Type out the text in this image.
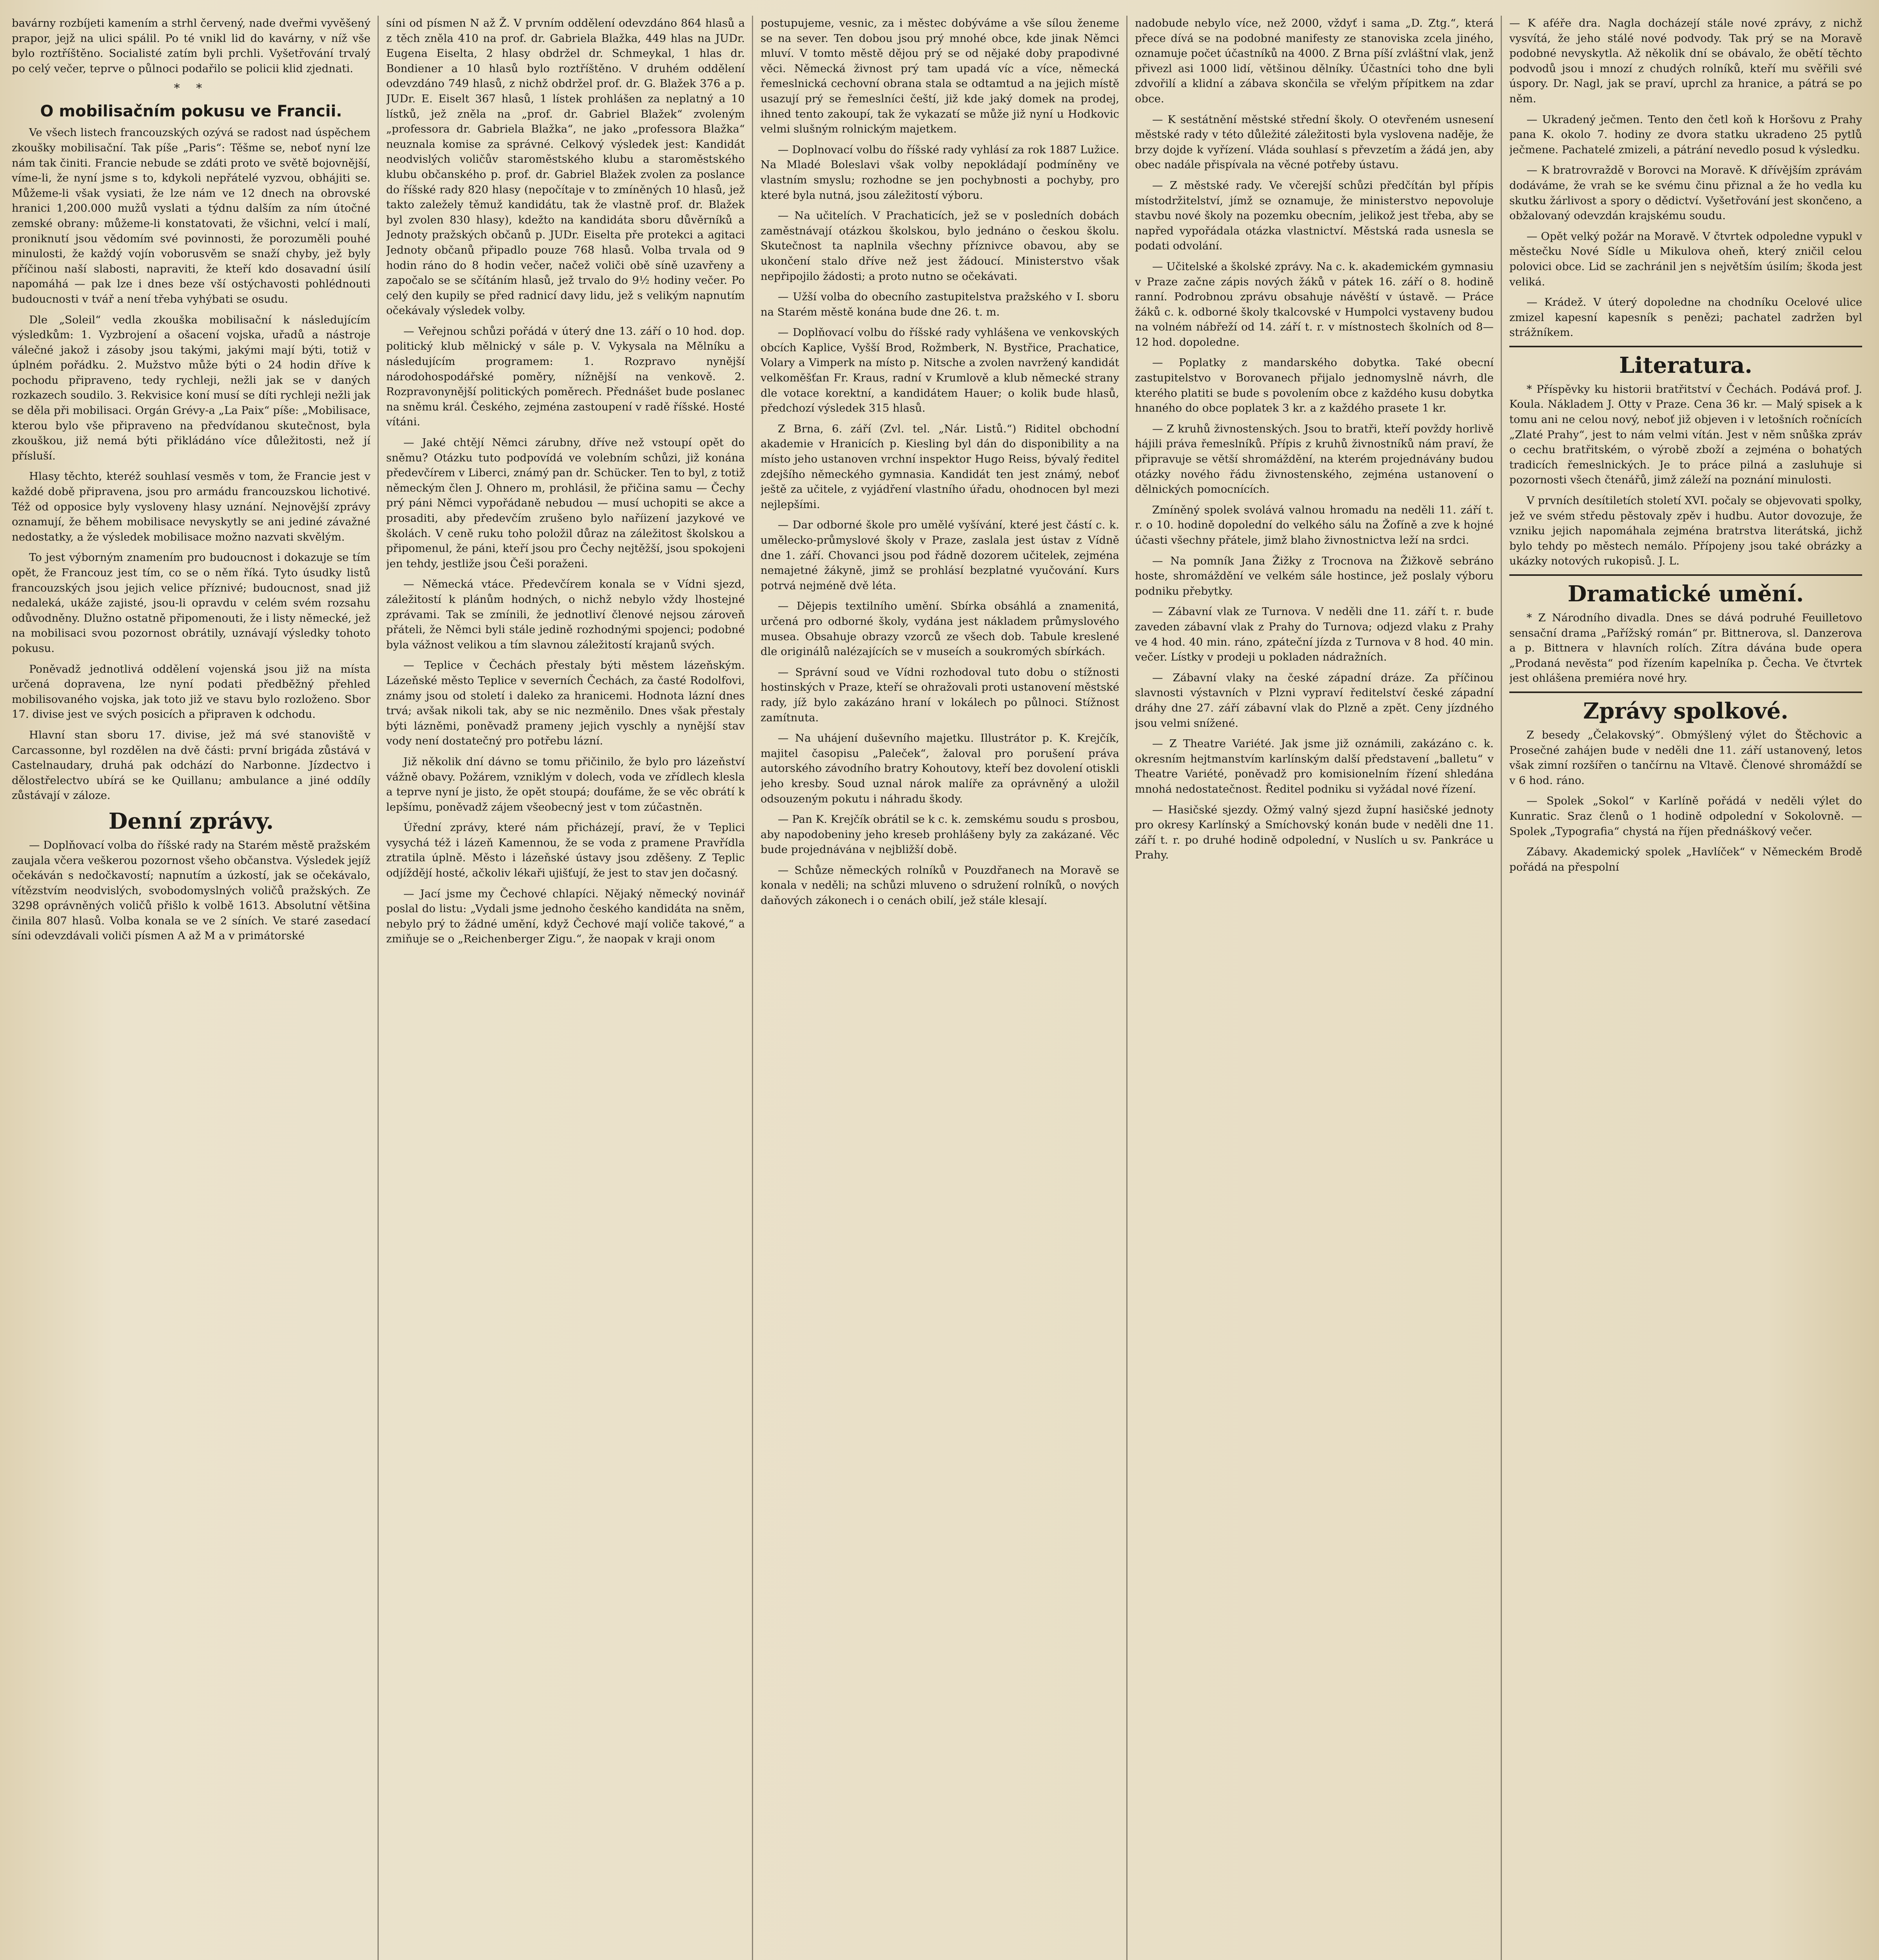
bavárny rozbíjeti kamením a strhl červený, nade dveřmi vyvěšený prapor, jejž na ulici spálil. Po té vnikl lid do kavárny, v níž vše bylo roztříštěno. Socialisté zatím byli prchli. Vyšetřování trvalý po celý večer, teprve o půlnoci podařilo se policii klid zjednati.

* *
O mobilisačním pokusu ve Francii.

Ve všech listech francouzských ozývá se radost nad úspěchem zkoušky mobilisační. Tak píše „Paris“: Těšme se, neboť nyní lze nám tak činiti. Francie nebude se zdáti proto ve světě bojovnější, víme-li, že nyní jsme s to, kdykoli nepřátelé vyzvou, obhájiti se. Můžeme-li však vysiati, že lze nám ve 12 dnech na obrovské hranici 1,200.000 mužů vyslati a týdnu dalším za ním útočné zemské obrany: můžeme-li konstatovati, že všichni, velcí i malí, proniknutí jsou vědomím své povinnosti, že porozuměli pouhé minulosti, že každý vojín voborusvěm se snaží chyby, jež byly příčinou naší slabosti, napraviti, že kteří kdo dosavadní úsilí napomáhá — pak lze i dnes beze vší ostýchavosti pohlédnouti budoucnosti v tvář a není třeba vyhýbati se osudu.

Dle „Soleil“ vedla zkouška mobilisační k následujícím výsledkům: 1. Vyzbrojení a ošacení vojska, uřadů a nástroje válečné jakož i zásoby jsou takými, jakými mají býti, totiž v úplném pořádku. 2. Mužstvo může býti o 24 hodin dříve k pochodu připraveno, tedy rychleji, nežli jak se v daných rozkazech soudilo. 3. Rekvisice koní musí se díti rychleji nežli jak se děla při mobilisaci. Orgán Grévy-a „La Paix“ píše: „Mobilisace, kterou bylo vše připraveno na předvídanou skutečnost, byla zkouškou, již nemá býti přikládáno více důležitosti, než jí přísluší.

Hlasy těchto, kteréž souhlasí vesměs v tom, že Francie jest v každé době připravena, jsou pro armádu francouzskou lichotivé. Též od opposice byly vysloveny hlasy uznání. Nejnovější zprávy oznamují, že během mobilisace nevyskytly se ani jediné závažné nedostatky, a že výsledek mobilisace možno nazvati skvělým.

To jest výborným znamením pro budoucnost i dokazuje se tím opět, že Francouz jest tím, co se o něm říká. Tyto úsudky listů francouzských jsou jejich velice příznivé; budoucnost, snad již nedaleká, ukáže zajisté, jsou-li opravdu v celém svém rozsahu odůvodněny. Dlužno ostatně připomenouti, že i listy německé, jež na mobilisaci svou pozornost obrátily, uznávají výsledky tohoto pokusu.

Poněvadž jednotlivá oddělení vojenská jsou již na místa určená dopravena, lze nyní podati předběžný přehled mobilisovaného vojska, jak toto již ve stavu bylo rozloženo. Sbor 17. divise jest ve svých posicích a připraven k odchodu.

Hlavní stan sboru 17. divise, jež má své stanoviště v Carcassonne, byl rozdělen na dvě části: první brigáda zůstává v Castelnaudary, druhá pak odchází do Narbonne. Jízdectvo i dělostřelectvo ubírá se ke Quillanu; ambulance a jiné oddíly zůstávají v záloze.

Denní zprávy.

— Doplňovací volba do říšské rady na Starém městě pražském zaujala včera veškerou pozornost všeho občanstva. Výsledek jejíž očekáván s nedočkavostí; napnutím a úzkostí, jak se očekávalo, vítězstvím neodvislých, svobodomyslných voličů pražských. Ze 3298 oprávněných voličů přišlo k volbě 1613. Absolutní většina činila 807 hlasů. Volba konala se ve 2 síních. Ve staré zasedací síni odevzdávali voliči písmen A až M a v primátorské

síni od písmen N až Ž. V prvním oddělení odevzdáno 864 hlasů a z těch zněla 410 na prof. dr. Gabriela Blažka, 449 hlas na JUDr. Eugena Eiselta, 2 hlasy obdržel dr. Schmeykal, 1 hlas dr. Bondiener a 10 hlasů bylo roztříštěno. V druhém oddělení odevzdáno 749 hlasů, z nichž obdržel prof. dr. G. Blažek 376 a p. JUDr. E. Eiselt 367 hlasů, 1 lístek prohlášen za neplatný a 10 lístků, jež zněla na „prof. dr. Gabriel Blažek“ zvoleným „professora dr. Gabriela Blažka“, ne jako „professora Blažka“ neuznala komise za správné. Celkový výsledek jest: Kandidát neodvislých voličův staroměstského klubu a staroměstského klubu občanského p. prof. dr. Gabriel Blažek zvolen za poslance do říšské rady 820 hlasy (nepočítaje v to zmíněných 10 hlasů, jež takto zaležely těmuž kandidátu, tak že vlastně prof. dr. Blažek byl zvolen 830 hlasy), kdežto na kandidáta sboru důvěrníků a Jednoty pražských občanů p. JUDr. Eiselta pře protekci a agitaci Jednoty občanů připadlo pouze 768 hlasů. Volba trvala od 9 hodin ráno do 8 hodin večer, načež voliči obě síně uzavřeny a započalo se se sčítáním hlasů, jež trvalo do 9½ hodiny večer. Po celý den kupily se před radnicí davy lidu, jež s velikým napnutím očekávaly výsledek volby.

— Veřejnou schůzi pořádá v úterý dne 13. září o 10 hod. dop. politický klub mělnický v sále p. V. Vykysala na Mělníku a následujícím programem: 1. Rozpravo nynější národohospodářské poměry, nížnější na venkově. 2. Rozpravonynější politických poměrech. Přednášet bude poslanec na sněmu král. Českého, zejména zastoupení v radě říšské. Hosté vítáni.

— Jaké chtějí Němci zárubny, dříve než vstoupí opět do sněmu? Otázku tuto podpovídá ve volebním schůzi, již konána předevčírem v Liberci, známý pan dr. Schücker. Ten to byl, z totiž německým člen J. Ohnero m, prohlásil, že přičina samu — Čechy prý páni Němci vypořádaně nebudou — musí uchopiti se akce a prosaditi, aby předevčím zrušeno bylo naříizení jazykové ve školách. V ceně ruku toho položil důraz na záležitost školskou a připomenul, že páni, kteří jsou pro Čechy nejtěžší, jsou spokojeni jen tehdy, jestliže jsou Češi poraženi.

— Německá vtáce. Předevčírem konala se v Vídni sjezd, záležitostí k plánům hodných, o nichž nebylo vždy lhostejné zprávami. Tak se zmínili, že jednotliví členové nejsou zároveň přáteli, že Němci byli stále jedině rozhodnými spojenci; podobné byla vážnost velikou a tím slavnou záležitostí krajanů svých.

— Teplice v Čechách přestaly býti městem lázeňským. Lázeňské město Teplice v severních Čechách, za časté Rodolfovi, známy jsou od století i daleko za hranicemi. Hodnota lázní dnes trvá; avšak nikoli tak, aby se nic nezměnilo. Dnes však přestaly býti lázněmi, poněvadž prameny jejich vyschly a nynější stav vody není dostatečný pro potřebu lázní.

Již několik dní dávno se tomu přičinilo, že bylo pro lázeňství vážně obavy. Požárem, vzniklým v dolech, voda ve zřídlech klesla a teprve nyní je jisto, že opět stoupá; doufáme, že se věc obrátí k lepšímu, poněvadž zájem všeobecný jest v tom zúčastněn.

Úřední zprávy, které nám přicházejí, praví, že v Teplici vysychá též i lázeň Kamennou, že se voda z pramene Pravřídla ztratila úplně. Město i lázeňské ústavy jsou zděšeny. Z Teplic odjíždějí hosté, ačkoliv lékaři ujišťují, že jest to stav jen dočasný.

— Jací jsme my Čechové chlapíci. Nějaký německý novinář poslal do listu: „Vydali jsme jednoho českého kandidáta na sněm, nebylo prý to žádné umění, když Čechové mají voliče takové,“ a zmiňuje se o „Reichenberger Zigu.“, že naopak v kraji onom

postupujeme, vesnic, za i městec dobýváme a vše sílou ženeme se na sever. Ten dobou jsou prý mnohé obce, kde jinak Němci mluví. V tomto městě dějou prý se od nějaké doby prapodivné věci. Německá živnost prý tam upadá víc a více, německá řemeslnická cechovní obrana stala se odtamtud a na jejich místě usazují prý se řemeslníci čeští, již kde jaký domek na prodej, ihned tento zakoupí, tak že vykazatí se může již nyní u Hodkovic velmi slušným rolnickým majetkem.

— Doplnovací volbu do říšské rady vyhlásí za rok 1887 Lužice. Na Mladé Boleslavi však volby nepokládají podmíněny ve vlastním smyslu; rozhodne se jen pochybnosti a pochyby, pro které byla nutná, jsou záležitostí výboru.

— Na učitelích. V Prachaticích, jež se v posledních dobách zaměstnávají otázkou školskou, bylo jednáno o českou školu. Skutečnost ta naplnila všechny příznivce obavou, aby se ukončení stalo dříve než jest žádoucí. Ministerstvo však nepřipojilo žádosti; a proto nutno se očekávati.

— Užší volba do obecního zastupitelstva pražského v I. sboru na Starém městě konána bude dne 26. t. m.

— Doplňovací volbu do říšské rady vyhlášena ve venkovských obcích Kaplice, Vyšší Brod, Rožmberk, N. Bystřice, Prachatice, Volary a Vimperk na místo p. Nitsche a zvolen navržený kandidát velkoměšťan Fr. Kraus, radní v Krumlově a klub německé strany dle votace korektní, a kandidátem Hauer; o kolik bude hlasů, předchozí výsledek 315 hlasů.

Z Brna, 6. září (Zvl. tel. „Nár. Listů.“) Riditel obchodní akademie v Hranicích p. Kiesling byl dán do disponibility a na místo jeho ustanoven vrchní inspektor Hugo Reiss, bývalý ředitel zdejšího německého gymnasia. Kandidát ten jest známý, neboť ještě za učitele, z vyjádření vlastního úřadu, ohodnocen byl mezi nejlepšími.

— Dar odborné škole pro umělé vyšívání, které jest částí c. k. umělecko-průmyslové školy v Praze, zaslala jest ústav z Vídně dne 1. září. Chovanci jsou pod řádně dozorem učitelek, zejména nemajetné žákyně, jimž se prohlásí bezplatné vyučování. Kurs potrvá nejméně dvě léta.

— Dějepis textilního umění. Sbírka obsáhlá a znamenitá, určená pro odborné školy, vydána jest nákladem průmyslového musea. Obsahuje obrazy vzorců ze všech dob. Tabule kreslené dle originálů nalézajících se v museích a soukromých sbírkách.

— Správní soud ve Vídni rozhodoval tuto dobu o stížnosti hostinských v Praze, kteří se ohražovali proti ustanovení městské rady, jíž bylo zakázáno hraní v lokálech po půlnoci. Stížnost zamítnuta.

— Na uhájení duševního majetku. Illustrátor p. K. Krejčík, majitel časopisu „Paleček“, žaloval pro porušení práva autorského závodního bratry Kohoutovy, kteří bez dovolení otiskli jeho kresby. Soud uznal nárok malíře za oprávněný a uložil odsouzeným pokutu i náhradu škody.

— Pan K. Krejčík obrátil se k c. k. zemskému soudu s prosbou, aby napodobeniny jeho kreseb prohlášeny byly za zakázané. Věc bude projednávána v nejbližší době.

— Schůze německých rolníků v Pouzdřanech na Moravě se konala v neděli; na schůzi mluveno o sdružení rolníků, o nových daňových zákonech i o cenách obilí, jež stále klesají.

nadobude nebylo více, než 2000, vždyť i sama „D. Ztg.“, která přece dívá se na podobné manifesty ze stanoviska zcela jiného, oznamuje počet účastníků na 4000. Z Brna píší zvláštní vlak, jenž přivezl asi 1000 lidí, většinou dělníky. Účastníci toho dne byli zdvořilí a klidní a zábava skončila se vřelým přípitkem na zdar obce.

— K sestátnění městské střední školy. O otevřeném usnesení městské rady v této důležité záležitosti byla vyslovena naděje, že brzy dojde k vyřízení. Vláda souhlasí s převzetím a žádá jen, aby obec nadále přispívala na věcné potřeby ústavu.

— Z městské rady. Ve včerejší schůzi předčítán byl přípis místodržitelství, jímž se oznamuje, že ministerstvo nepovoluje stavbu nové školy na pozemku obecním, jelikož jest třeba, aby se napřed vypořádala otázka vlastnictví. Městská rada usnesla se podati odvolání.

— Učitelské a školské zprávy. Na c. k. akademickém gymnasiu v Praze začne zápis nových žáků v pátek 16. září o 8. hodině ranní. Podrobnou zprávu obsahuje návěští v ústavě. — Práce žáků c. k. odborné školy tkalcovské v Humpolci vystaveny budou na volném nábřeží od 14. září t. r. v místnostech školních od 8—12 hod. dopoledne.

— Poplatky z mandarského dobytka. Také obecní zastupitelstvo v Borovanech přijalo jednomyslně návrh, dle kterého platiti se bude s povolením obce z každého kusu dobytka hnaného do obce poplatek 3 kr. a z každého prasete 1 kr.

— Z kruhů živnostenských. Jsou to bratři, kteří povždy horlivě hájili práva řemeslníků. Přípis z kruhů živnostníků nám praví, že připravuje se větší shromáždění, na kterém projednávány budou otázky nového řádu živnostenského, zejména ustanovení o dělnických pomocnících.

Zmíněný spolek svolává valnou hromadu na neděli 11. září t. r. o 10. hodině dopolední do velkého sálu na Žofíně a zve k hojné účasti všechny přátele, jimž blaho živnostnictva leží na srdci.

— Na pomník Jana Žižky z Trocnova na Žižkově sebráno hoste, shromáždění ve velkém sále hostince, jež poslaly výboru podniku přebytky.

— Zábavní vlak ze Turnova. V neděli dne 11. září t. r. bude zaveden zábavní vlak z Prahy do Turnova; odjezd vlaku z Prahy ve 4 hod. 40 min. ráno, zpáteční jízda z Turnova v 8 hod. 40 min. večer. Lístky v prodeji u pokladen nádražních.

— Zábavní vlaky na české západní dráze. Za příčinou slavnosti výstavních v Plzni vypraví ředitelství české západní dráhy dne 27. září zábavní vlak do Plzně a zpět. Ceny jízdného jsou velmi snížené.

— Z Theatre Variété. Jak jsme již oznámili, zakázáno c. k. okresním hejtmanstvím karlínským další představení „balletu“ v Theatre Variété, poněvadž pro komisionelním řízení shledána mnohá nedostatečnost. Ředitel podniku si vyžádal nové řízení.

— Hasičské sjezdy. Ožmý valný sjezd župní hasičské jednoty pro okresy Karlínský a Smíchovský konán bude v neděli dne 11. září t. r. po druhé hodině odpolední, v Nuslích u sv. Pankráce u Prahy.

— K aféře dra. Nagla docházejí stále nové zprávy, z nichž vysvítá, že jeho stálé nové podvody. Tak prý se na Moravě podobné nevyskytla. Až několik dní se obávalo, že obětí těchto podvodů jsou i mnozí z chudých rolníků, kteří mu svěřili své úspory. Dr. Nagl, jak se praví, uprchl za hranice, a pátrá se po něm.

— Ukradený ječmen. Tento den četl koň k Horšovu z Prahy pana K. okolo 7. hodiny ze dvora statku ukradeno 25 pytlů ječmene. Pachatelé zmizeli, a pátrání nevedlo posud k výsledku.

— K bratrovraždě v Borovci na Moravě. K dřívějším zprávám dodáváme, že vrah se ke svému činu přiznal a že ho vedla ku skutku žárlivost a spory o dědictví. Vyšetřování jest skončeno, a obžalovaný odevzdán krajskému soudu.

— Opět velký požár na Moravě. V čtvrtek odpoledne vypukl v městečku Nové Sídle u Mikulova oheň, který zničil celou polovici obce. Lid se zachránil jen s největším úsilím; škoda jest veliká.

— Krádež. V úterý dopoledne na chodníku Ocelové ulice zmizel kapesní kapesník s penězi; pachatel zadržen byl strážníkem.

Literatura.

* Příspěvky ku historii bratřitství v Čechách. Podává prof. J. Koula. Nákladem J. Otty v Praze. Cena 36 kr. — Malý spisek a k tomu ani ne celou nový, neboť již objeven i v letošních ročnících „Zlaté Prahy“, jest to nám velmi vítán. Jest v něm snůška zpráv o cechu bratřitském, o výrobě zboží a zejména o bohatých tradicích řemeslnických. Je to práce pilná a zasluhuje si pozornosti všech čtenářů, jimž záleží na poznání minulosti.

V prvních desítiletích století XVI. počaly se objevovati spolky, jež ve svém středu pěstovaly zpěv i hudbu. Autor dovozuje, že vzniku jejich napomáhala zejména bratrstva literátská, jichž bylo tehdy po městech nemálo. Přípojeny jsou také obrázky a ukázky notových rukopisů. J. L.

Dramatické umění.

* Z Národního divadla. Dnes se dává podruhé Feuilletovo sensační drama „Pařížský román“ pr. Bittnerova, sl. Danzerova a p. Bittnera v hlavních rolích. Zítra dávána bude opera „Prodaná nevěsta“ pod řízením kapelníka p. Čecha. Ve čtvrtek jest ohlášena premiéra nové hry.

Zprávy spolkové.

Z besedy „Čelakovský“. Obmýšlený výlet do Štěchovic a Prosečné zahájen bude v neděli dne 11. září ustanovený, letos však zimní rozšířen o tančírnu na Vltavě. Členové shromáždí se v 6 hod. ráno.

— Spolek „Sokol“ v Karlíně pořádá v neděli výlet do Kunratic. Sraz členů o 1 hodině odpolední v Sokolovně. — Spolek „Typografia“ chystá na říjen přednáškový večer.

Zábavy. Akademický spolek „Havlíček“ v Německém Brodě pořádá na přespolní
